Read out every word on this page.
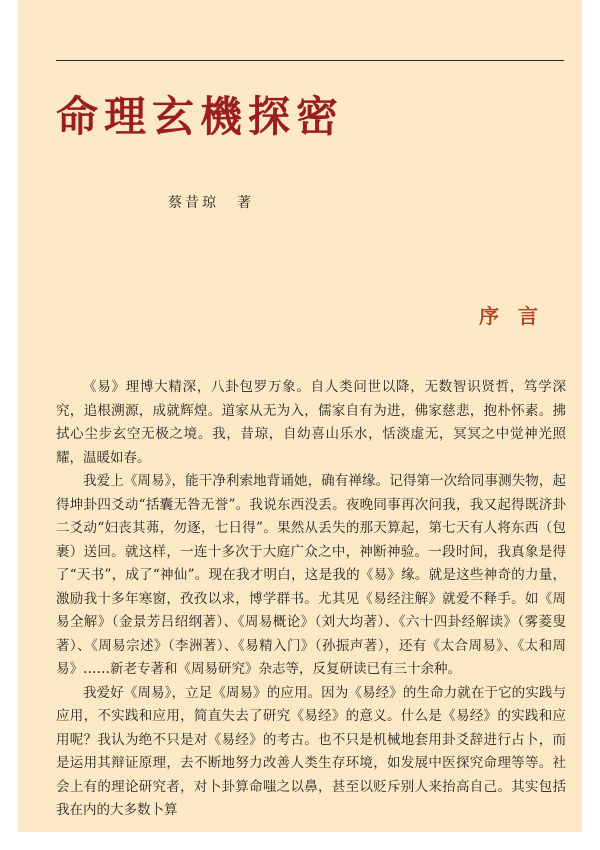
命理玄機探密
蔡昔琼 著
序 言

《易》理博大精深，八卦包罗万象。自人类问世以降，无数智识贤哲，笃学深究，追根溯源，成就辉煌。道家从无为入，儒家自有为进，佛家慈悲，抱朴怀素。拂拭心尘步玄空无极之境。我，昔琼，自幼喜山乐水，恬淡虚无，冥冥之中觉神光照耀，温暖如春。

我爱上《周易》，能干净利索地背诵她，确有禅缘。记得第一次给同事测失物，起得坤卦四爻动“括囊无咎无誉”。我说东西没丢。夜晚同事再次问我，我又起得既济卦二爻动“妇丧其茀，勿逐，七日得”。果然从丢失的那天算起，第七天有人将东西（包裹）送回。就这样，一连十多次于大庭广众之中，神断神验。一段时间，我真象是得了“天书”，成了“神仙”。现在我才明白，这是我的《易》缘。就是这些神奇的力量，激励我十多年寒窗，孜孜以求，博学群书。尤其见《易经注解》就爱不释手。如《周易全解》（金景芳吕绍纲著）、《周易概论》（刘大均著）、《六十四卦经解读》（雾菱叟著）、《周易宗述》（李洲著）、《易精入门》（孙振声著），还有《太合周易》、《太和周易》……新老专著和《周易研究》杂志等，反复研读已有三十余种。

我爱好《周易》，立足《周易》的应用。因为《易经》的生命力就在于它的实践与应用，不实践和应用，简直失去了研究《易经》的意义。什么是《易经》的实践和应用呢？我认为绝不只是对《易经》的考古。也不只是机械地套用卦爻辞进行占卜，而是运用其辩证原理，去不断地努力改善人类生存环境，如发展中医探究命理等等。社会上有的理论研究者，对卜卦算命嗤之以鼻，甚至以贬斥别人来抬高自己。其实包括我在内的大多数卜算
